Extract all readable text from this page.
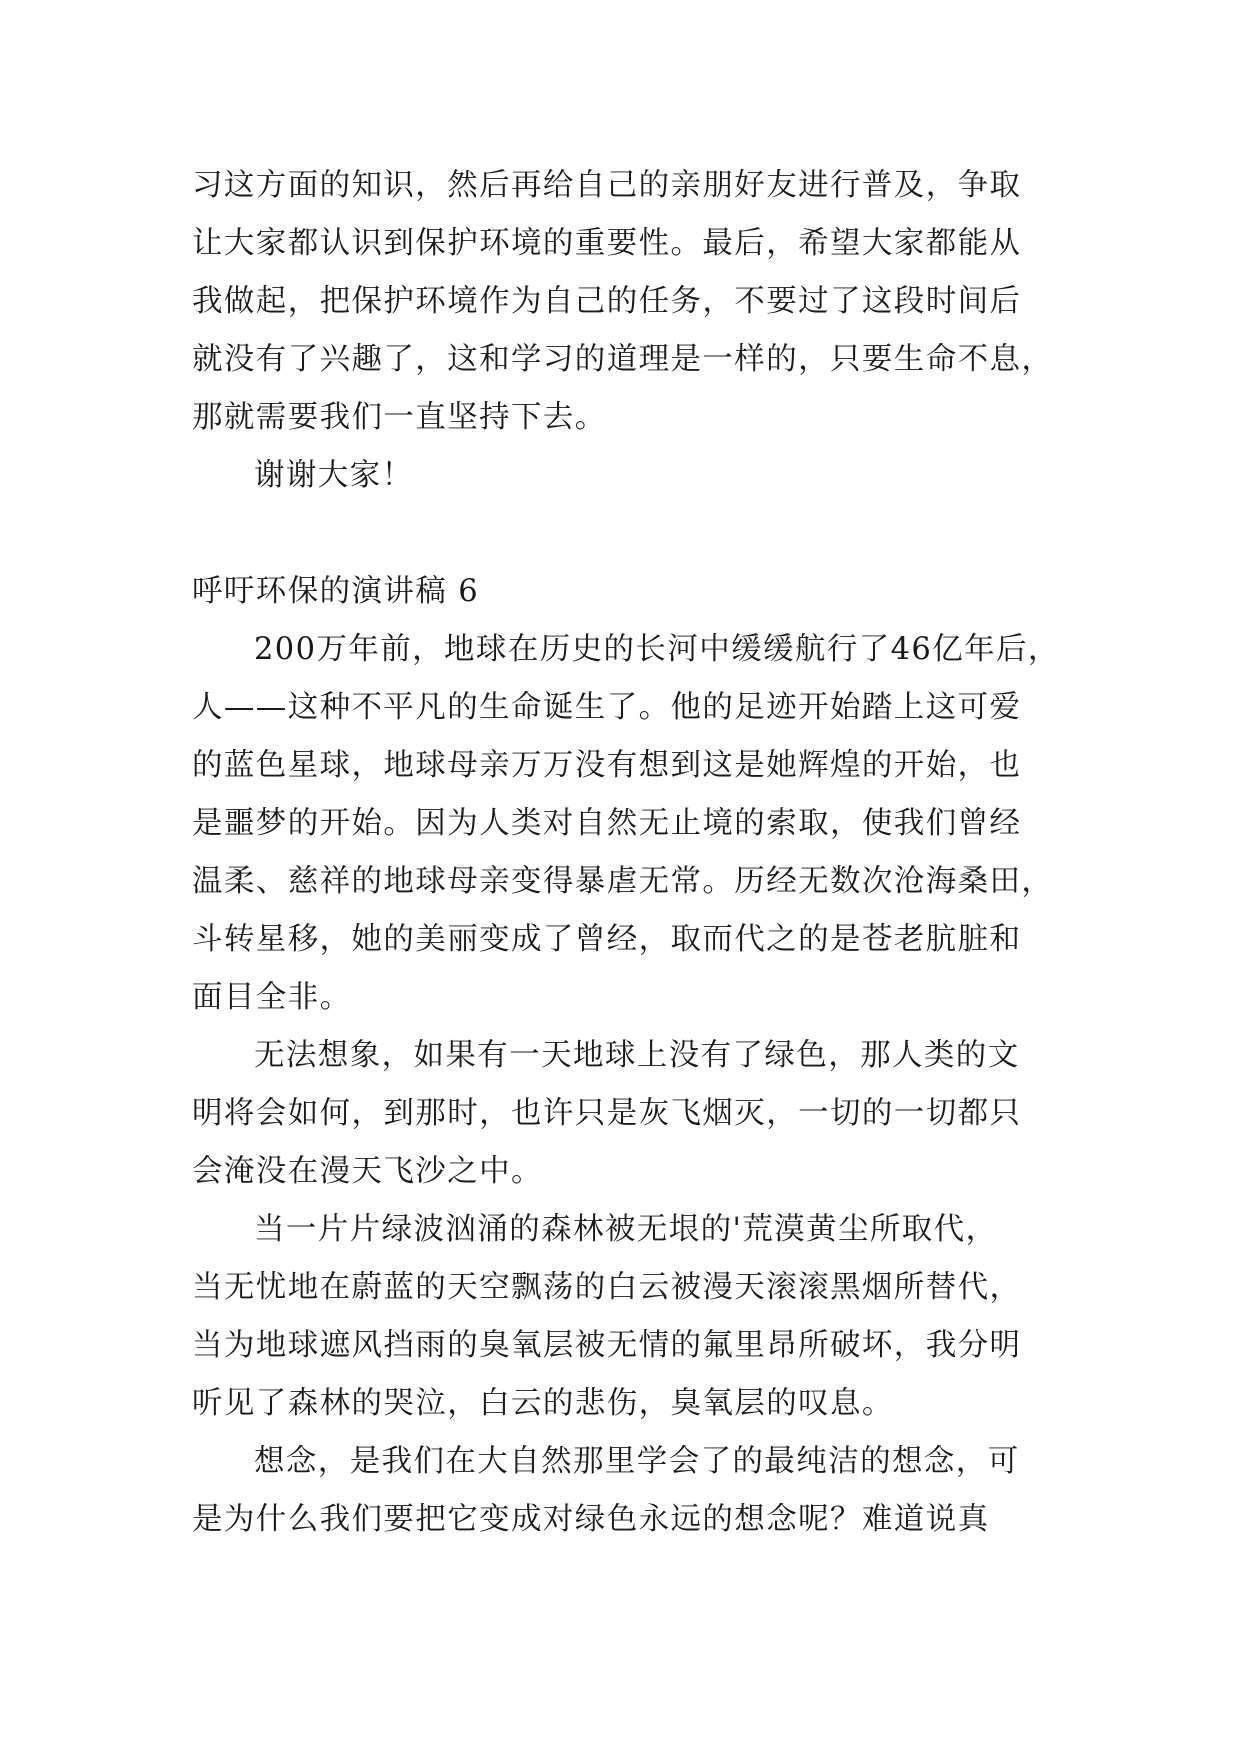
习这方面的知识，然后再给自己的亲朋好友进行普及，争取
让大家都认识到保护环境的重要性。最后，希望大家都能从
我做起，把保护环境作为自己的任务，不要过了这段时间后
就没有了兴趣了，这和学习的道理是一样的，只要生命不息，
那就需要我们一直坚持下去。
谢谢大家！
呼吁环保的演讲稿 6
200万年前，地球在历史的长河中缓缓航行了46亿年后，
人——这种不平凡的生命诞生了。他的足迹开始踏上这可爱
的蓝色星球，地球母亲万万没有想到这是她辉煌的开始，也
是噩梦的开始。因为人类对自然无止境的索取，使我们曾经
温柔、慈祥的地球母亲变得暴虐无常。历经无数次沧海桑田，
斗转星移，她的美丽变成了曾经，取而代之的是苍老肮脏和
面目全非。
无法想象，如果有一天地球上没有了绿色，那人类的文
明将会如何，到那时，也许只是灰飞烟灭，一切的一切都只
会淹没在漫天飞沙之中。
当一片片绿波汹涌的森林被无垠的'荒漠黄尘所取代，
当无忧地在蔚蓝的天空飘荡的白云被漫天滚滚黑烟所替代，
当为地球遮风挡雨的臭氧层被无情的氟里昂所破坏，我分明
听见了森林的哭泣，白云的悲伤，臭氧层的叹息。
想念，是我们在大自然那里学会了的最纯洁的想念，可
是为什么我们要把它变成对绿色永远的想念呢？难道说真
